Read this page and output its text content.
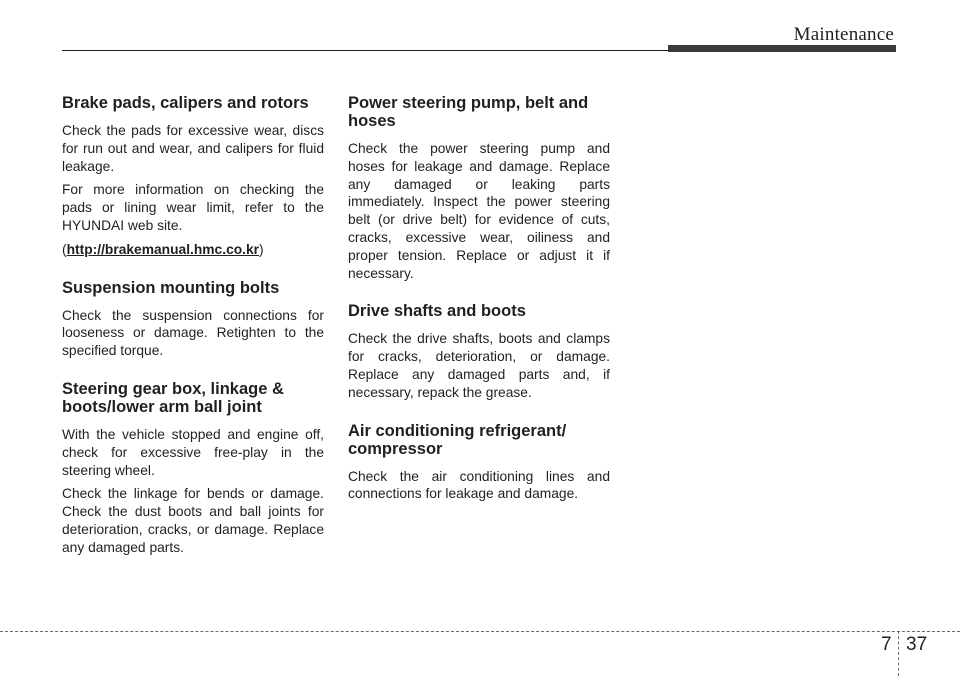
Maintenance
Brake pads, calipers and rotors

Check the pads for excessive wear, discs for run out and wear, and calipers for fluid leakage.

For more information on checking the pads or lining wear limit, refer to the HYUNDAI web site.

(http://brakemanual.hmc.co.kr)

Suspension mounting bolts

Check the suspension connections for looseness or damage. Retighten to the specified torque.

Steering gear box, linkage & boots/lower arm ball joint

With the vehicle stopped and engine off, check for excessive free-play in the steering wheel.

Check the linkage for bends or damage. Check the dust boots and ball joints for deterioration, cracks, or damage. Replace any damaged parts.

Power steering pump, belt and hoses

Check the power steering pump and hoses for leakage and damage. Replace any damaged or leaking parts immediately. Inspect the power steering belt (or drive belt) for evidence of cuts, cracks, excessive wear, oiliness and proper tension. Replace or adjust it if necessary.

Drive shafts and boots

Check the drive shafts, boots and clamps for cracks, deterioration, or damage. Replace any damaged parts and, if necessary, repack the grease.

Air conditioning refrigerant/ compressor

Check the air conditioning lines and connections for leakage and damage.

7 37
